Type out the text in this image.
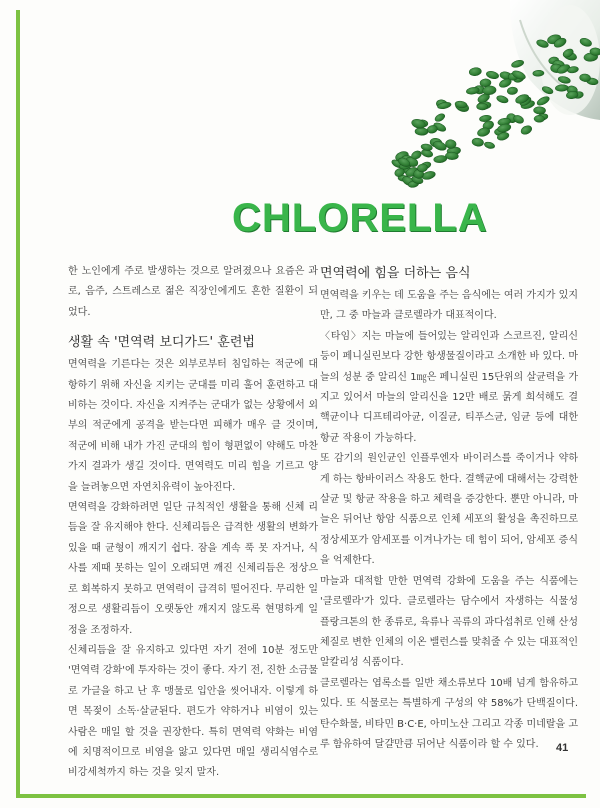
CHLORELLA

한 노인에게 주로 발생하는 것으로 알려졌으나 요즘은 과로, 음주, 스트레스로 젊은 직장인에게도 흔한 질환이 되었다.

생활 속 '면역력 보디가드' 훈련법

면역력을 기른다는 것은 외부로부터 침입하는 적군에 대항하기 위해 자신을 지키는 군대를 미리 훌어 훈련하고 대비하는 것이다. 자신을 지켜주는 군대가 없는 상황에서 외부의 적군에게 공격을 받는다면 피해가 매우 클 것이며, 적군에 비해 내가 가진 군대의 힘이 형편없이 약해도 마찬가지 결과가 생길 것이다. 면역력도 미리 힘을 기르고 양을 늘려놓으면 자연치유력이 높아진다.

면역력을 강화하려면 일단 규칙적인 생활을 통해 신체 리듬을 잘 유지해야 한다. 신체리듬은 급격한 생활의 변화가 있을 때 균형이 깨지기 쉽다. 잠을 계속 푹 못 자거나, 식사를 제때 못하는 일이 오래되면 깨진 신체리듬은 정상으로 회복하지 못하고 면역력이 급격히 떨어진다. 무리한 일정으로 생활리듬이 오랫동안 깨지지 않도록 현명하게 일정을 조정하자.

신체리듬을 잘 유지하고 있다면 자기 전에 10분 정도만 '면역력 강화'에 투자하는 것이 좋다. 자기 전, 진한 소금물로 가글을 하고 난 후 맹물로 입안을 씻어내자. 이렇게 하면 목젖이 소독·살균된다. 편도가 약하거나 비염이 있는 사람은 매일 할 것을 권장한다. 특히 면역력 약화는 비염에 치명적이므로 비염을 앓고 있다면 매일 생리식염수로 비강세척까지 하는 것을 잊지 말자.

면역력에 힘을 더하는 음식

면역력을 키우는 데 도움을 주는 음식에는 여러 가지가 있지만, 그 중 마늘과 클로렐라가 대표적이다.

〈타임〉지는 마늘에 들어있는 알리인과 스코르진, 알리신 등이 페니실린보다 강한 항생물질이라고 소개한 바 있다. 마늘의 성분 중 알리신 1㎎은 페니실린 15단위의 살균력을 가지고 있어서 마늘의 알리신을 12만 배로 묽게 희석해도 결핵균이나 디프테리아균, 이질균, 티푸스균, 임균 등에 대한 항균 작용이 가능하다.

또 감기의 원인균인 인플루엔자 바이러스를 죽이거나 약하게 하는 항바이러스 작용도 한다. 결핵균에 대해서는 강력한 살균 및 항균 작용을 하고 체력을 증강한다. 뿐만 아니라, 마늘은 뒤어난 항암 식품으로 인체 세포의 활성을 촉진하므로 정상세포가 암세포를 이겨나가는 데 힘이 되어, 암세포 증식을 억제한다.

마늘과 대적할 만한 면역력 강화에 도움을 주는 식품에는 '클로렐라'가 있다. 클로렐라는 담수에서 자생하는 식물성 플랑크톤의 한 종류로, 육류나 곡류의 과다섭취로 인해 산성 체질로 변한 인체의 이온 밸런스를 맞춰줄 수 있는 대표적인 알칼리성 식품이다.

클로렐라는 엽록소를 일반 채소류보다 10배 넘게 함유하고 있다. 또 식물로는 특별하게 구성의 약 58%가 단백질이다. 탄수화물, 비타민 B·C·E, 아미노산 그리고 각종 미네랄을 고루 함유하여 달걀만큼 뒤어난 식품이라 할 수 있다.	41
